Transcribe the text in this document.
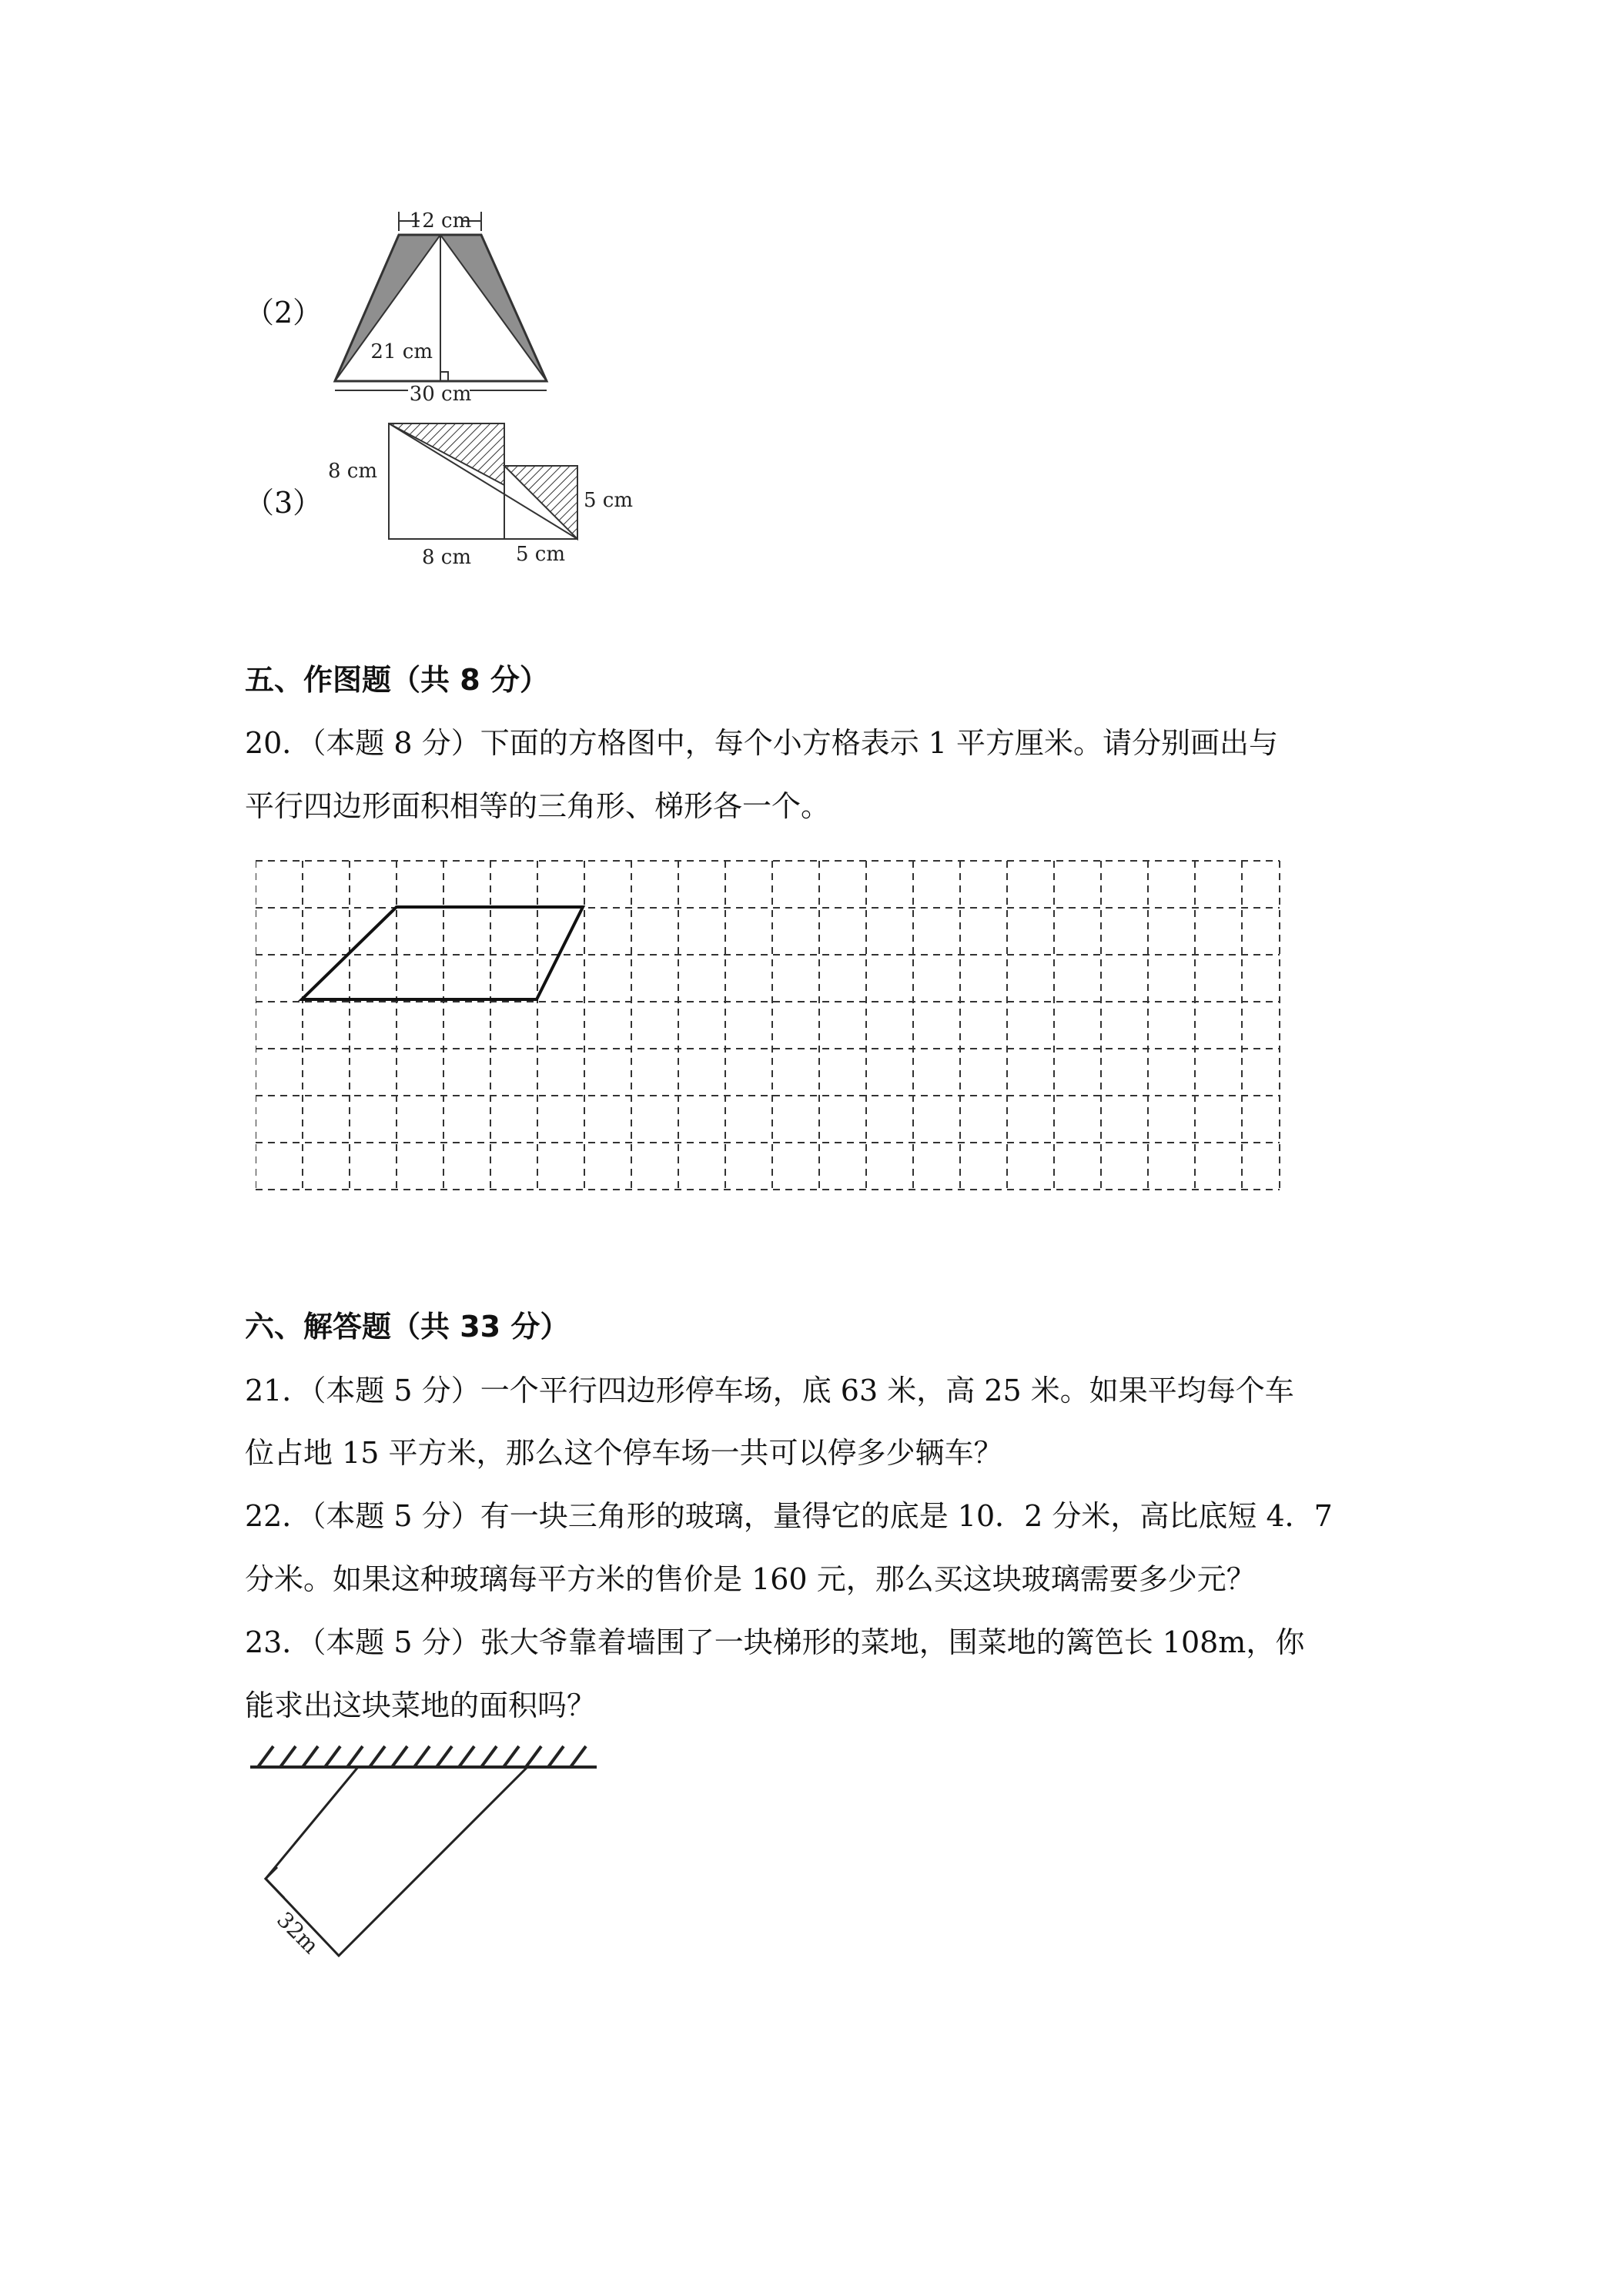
（2）
12 cm
21 cm
30 cm
（3）
8 cm
5 cm
8 cm 5 cm
五、作图题（共 8 分）
20．（本题 8 分）下面的方格图中，每个小方格表示 1 平方厘米。请分别画出与
平行四边形面积相等的三角形、梯形各一个。
六、解答题（共 33 分）
21．（本题 5 分）一个平行四边形停车场，底 63 米，高 25 米。如果平均每个车
位占地 15 平方米，那么这个停车场一共可以停多少辆车？
22．（本题 5 分）有一块三角形的玻璃，量得它的底是 10．2 分米，高比底短 4．7
分米。如果这种玻璃每平方米的售价是 160 元，那么买这块玻璃需要多少元？
23．（本题 5 分）张大爷靠着墙围了一块梯形的菜地，围菜地的篱笆长 108m，你
能求出这块菜地的面积吗？
32m
